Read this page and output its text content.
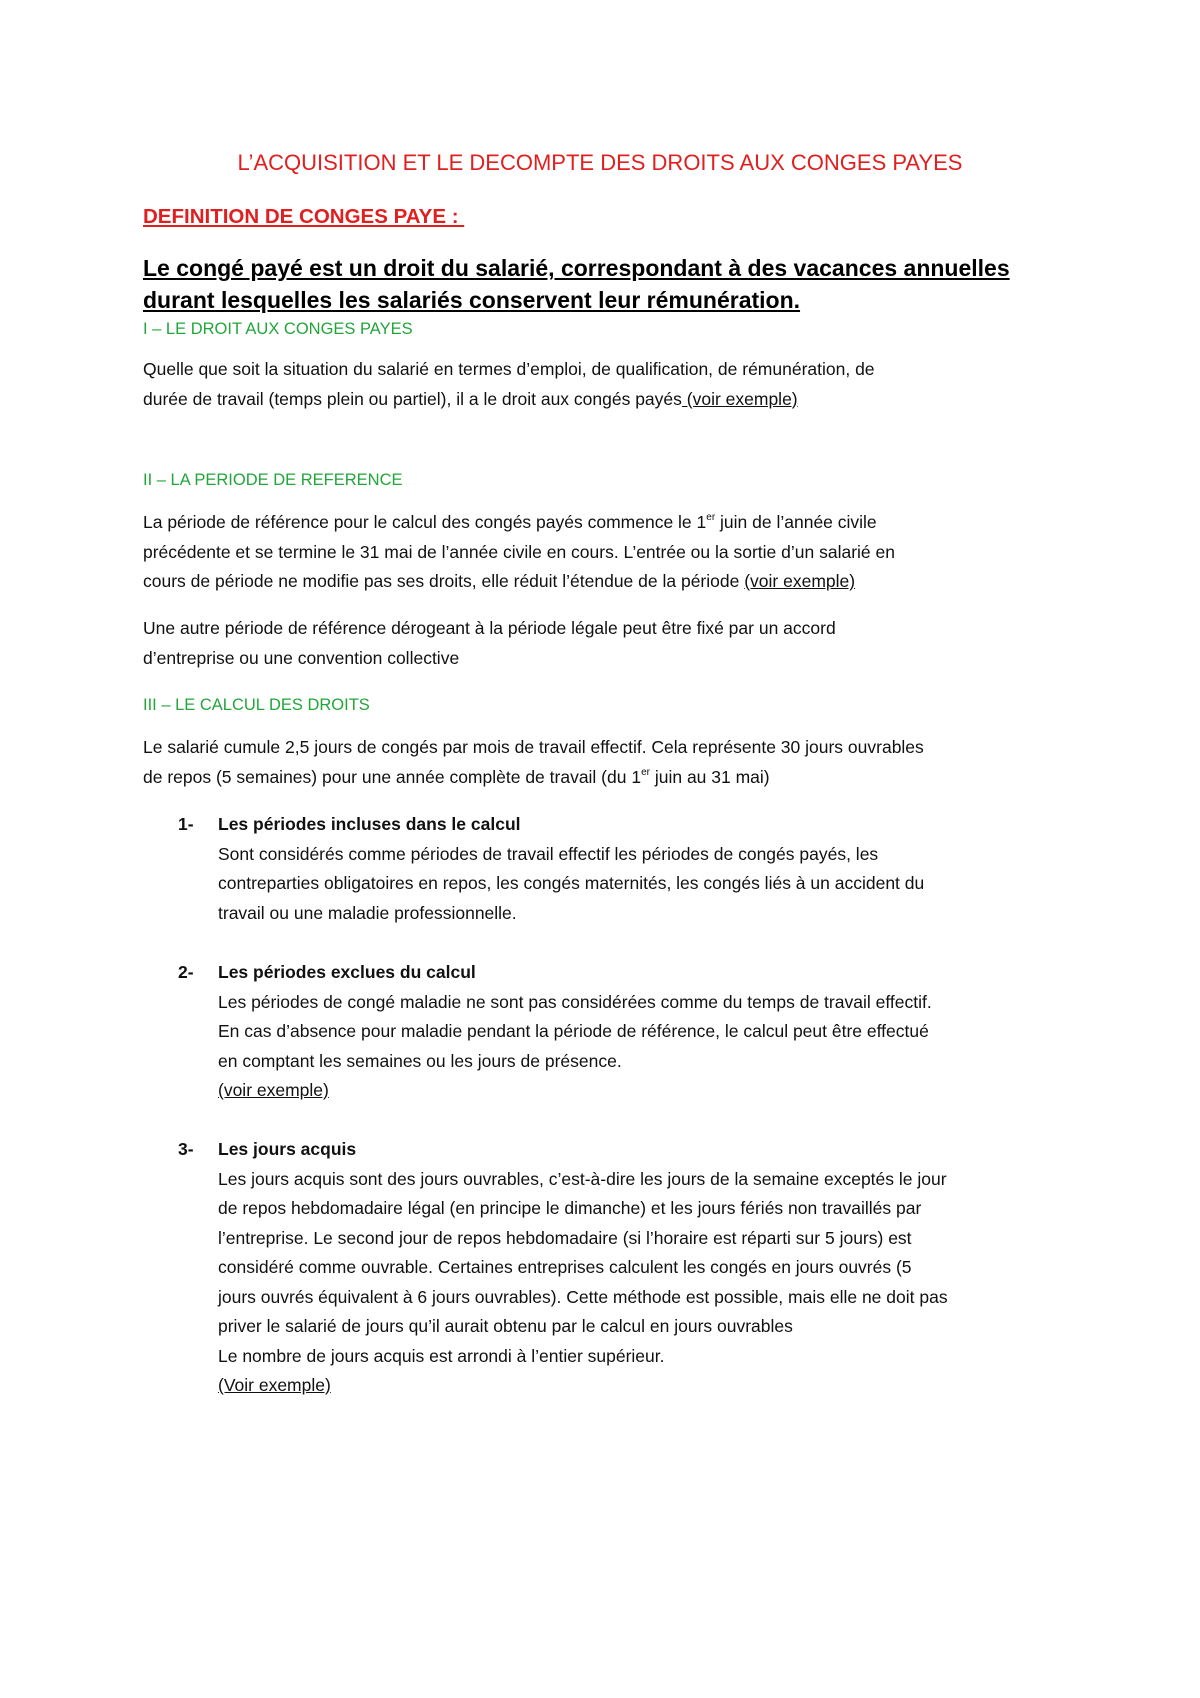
L’ACQUISITION ET LE DECOMPTE DES DROITS AUX CONGES PAYES
DEFINITION DE CONGES PAYE :
Le congé payé est un droit du salarié, correspondant à des vacances annuelles
durant lesquelles les salariés conservent leur rémunération.
I – LE DROIT AUX CONGES PAYES
Quelle que soit la situation du salarié en termes d’emploi, de qualification, de rémunération, de
durée de travail (temps plein ou partiel), il a le droit aux congés payés (voir exemple)
II – LA PERIODE DE REFERENCE
La période de référence pour le calcul des congés payés commence le 1er juin de l’année civile
précédente et se termine le 31 mai de l’année civile en cours. L’entrée ou la sortie d’un salarié en
cours de période ne modifie pas ses droits, elle réduit l’étendue de la période (voir exemple)
Une autre période de référence dérogeant à la période légale peut être fixé par un accord
d’entreprise ou une convention collective
III – LE CALCUL DES DROITS
Le salarié cumule 2,5 jours de congés par mois de travail effectif. Cela représente 30 jours ouvrables
de repos (5 semaines) pour une année complète de travail (du 1er juin au 31 mai)
1- Les périodes incluses dans le calcul
Sont considérés comme périodes de travail effectif les périodes de congés payés, les
contreparties obligatoires en repos, les congés maternités, les congés liés à un accident du
travail ou une maladie professionnelle.
2- Les périodes exclues du calcul
Les périodes de congé maladie ne sont pas considérées comme du temps de travail effectif.
En cas d’absence pour maladie pendant la période de référence, le calcul peut être effectué
en comptant les semaines ou les jours de présence.
(voir exemple)
3- Les jours acquis
Les jours acquis sont des jours ouvrables, c’est-à-dire les jours de la semaine exceptés le jour
de repos hebdomadaire légal (en principe le dimanche) et les jours fériés non travaillés par
l’entreprise. Le second jour de repos hebdomadaire (si l’horaire est réparti sur 5 jours) est
considéré comme ouvrable. Certaines entreprises calculent les congés en jours ouvrés (5
jours ouvrés équivalent à 6 jours ouvrables). Cette méthode est possible, mais elle ne doit pas
priver le salarié de jours qu’il aurait obtenu par le calcul en jours ouvrables
Le nombre de jours acquis est arrondi à l’entier supérieur.
(Voir exemple)
